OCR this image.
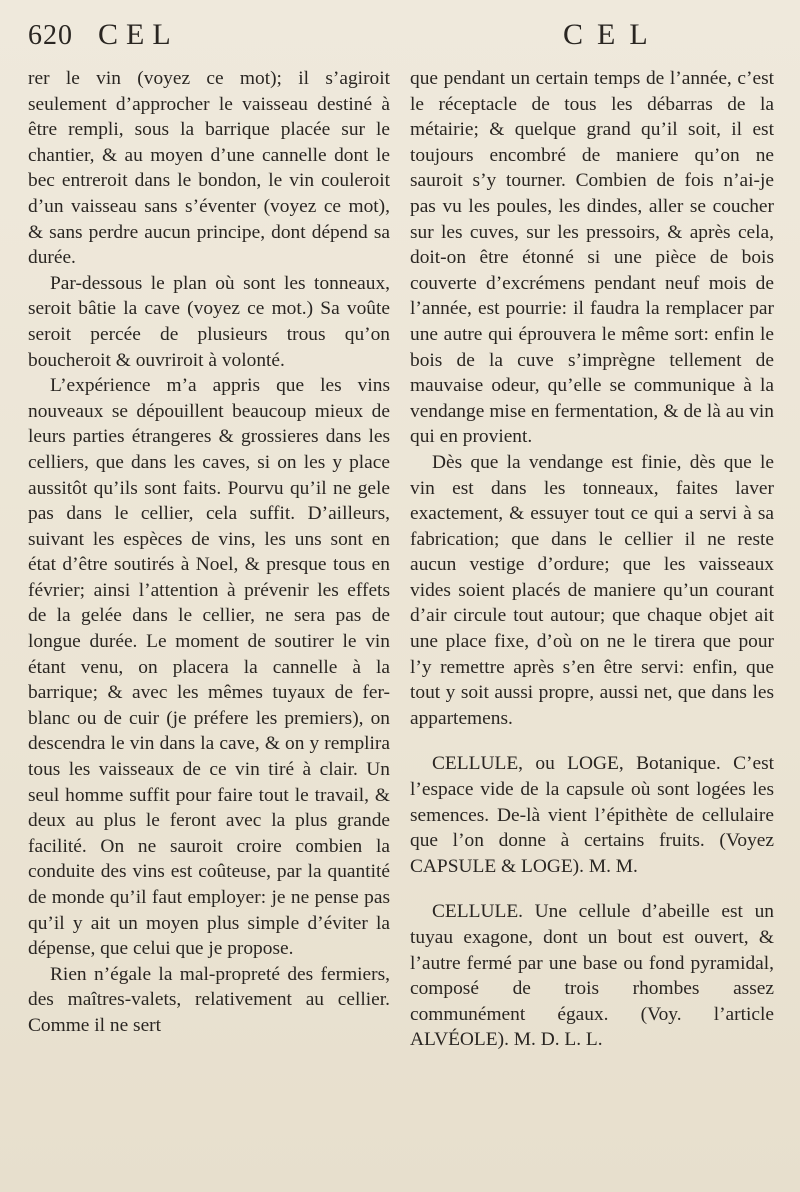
620 CEL	CEL

rer le vin (voyez ce mot); il s’agiroit seulement d’approcher le vaisseau destiné à être rempli, sous la barrique placée sur le chantier, & au moyen d’une cannelle dont le bec entreroit dans le bondon, le vin couleroit d’un vaisseau sans s’éventer (voyez ce mot), & sans perdre aucun principe, dont dépend sa durée.

Par-dessous le plan où sont les tonneaux, seroit bâtie la cave (voyez ce mot.) Sa voûte seroit percée de plusieurs trous qu’on boucheroit & ouvriroit à volonté.

L’expérience m’a appris que les vins nouveaux se dépouillent beaucoup mieux de leurs parties étrangeres & grossieres dans les celliers, que dans les caves, si on les y place aussitôt qu’ils sont faits. Pourvu qu’il ne gele pas dans le cellier, cela suffit. D’ailleurs, suivant les espèces de vins, les uns sont en état d’être soutirés à Noel, & presque tous en février; ainsi l’attention à prévenir les effets de la gelée dans le cellier, ne sera pas de longue durée. Le moment de soutirer le vin étant venu, on placera la cannelle à la barrique; & avec les mêmes tuyaux de fer-blanc ou de cuir (je préfere les premiers), on descendra le vin dans la cave, & on y remplira tous les vaisseaux de ce vin tiré à clair. Un seul homme suffit pour faire tout le travail, & deux au plus le feront avec la plus grande facilité. On ne sauroit croire combien la conduite des vins est coûteuse, par la quantité de monde qu’il faut employer: je ne pense pas qu’il y ait un moyen plus simple d’éviter la dépense, que celui que je propose.

Rien n’égale la mal-propreté des fermiers, des maîtres-valets, relativement au cellier. Comme il ne sert

que pendant un certain temps de l’année, c’est le réceptacle de tous les débarras de la métairie; & quelque grand qu’il soit, il est toujours encombré de maniere qu’on ne sauroit s’y tourner. Combien de fois n’ai-je pas vu les poules, les dindes, aller se coucher sur les cuves, sur les pressoirs, & après cela, doit-on être étonné si une pièce de bois couverte d’excrémens pendant neuf mois de l’année, est pourrie: il faudra la remplacer par une autre qui éprouvera le même sort: enfin le bois de la cuve s’imprègne tellement de mauvaise odeur, qu’elle se communique à la vendange mise en fermentation, & de là au vin qui en provient.

Dès que la vendange est finie, dès que le vin est dans les tonneaux, faites laver exactement, & essuyer tout ce qui a servi à sa fabrication; que dans le cellier il ne reste aucun vestige d’ordure; que les vaisseaux vides soient placés de maniere qu’un courant d’air circule tout autour; que chaque objet ait une place fixe, d’où on ne le tirera que pour l’y remettre après s’en être servi: enfin, que tout y soit aussi propre, aussi net, que dans les appartemens.

CELLULE, ou LOGE, Botanique. C’est l’espace vide de la capsule où sont logées les semences. De-là vient l’épithète de cellulaire que l’on donne à certains fruits. (Voyez CAPSULE & LOGE). M. M.

CELLULE. Une cellule d’abeille est un tuyau exagone, dont un bout est ouvert, & l’autre fermé par une base ou fond pyramidal, composé de trois rhombes assez communément égaux. (Voy. l’article ALVÉOLE). M. D. L. L.
